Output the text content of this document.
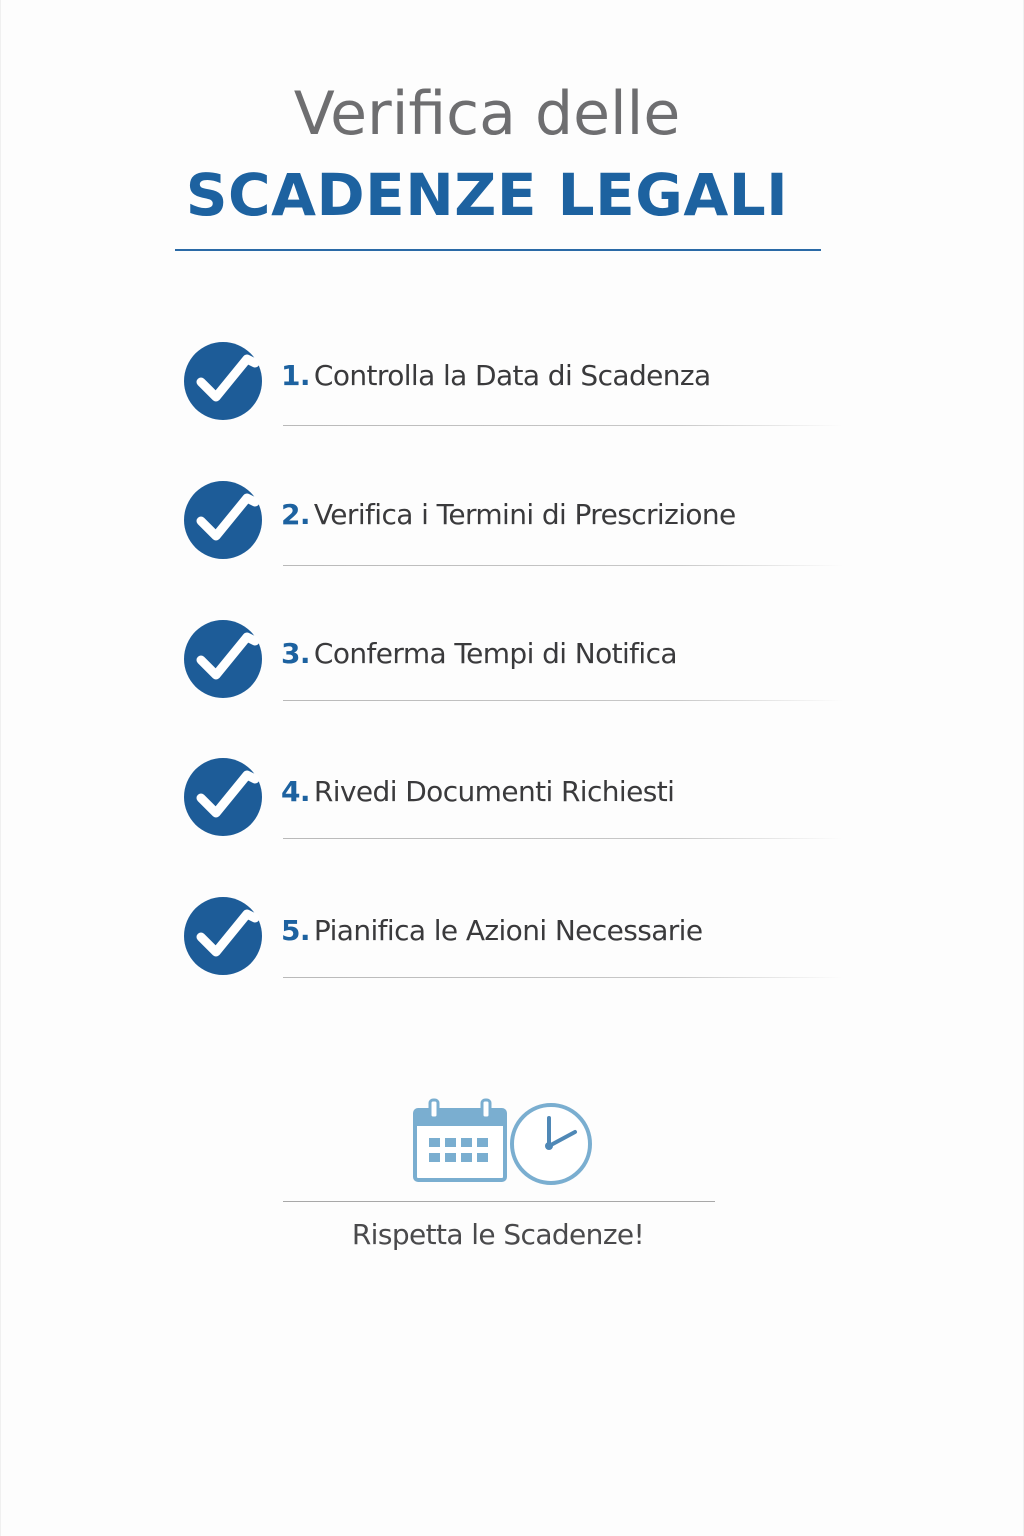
Verifica delle
SCADENZE LEGALI
1. Controlla la Data di Scadenza
2. Verifica i Termini di Prescrizione
3. Conferma Tempi di Notifica
4. Rivedi Documenti Richiesti
5. Pianifica le Azioni Necessarie
Rispetta le Scadenze!
